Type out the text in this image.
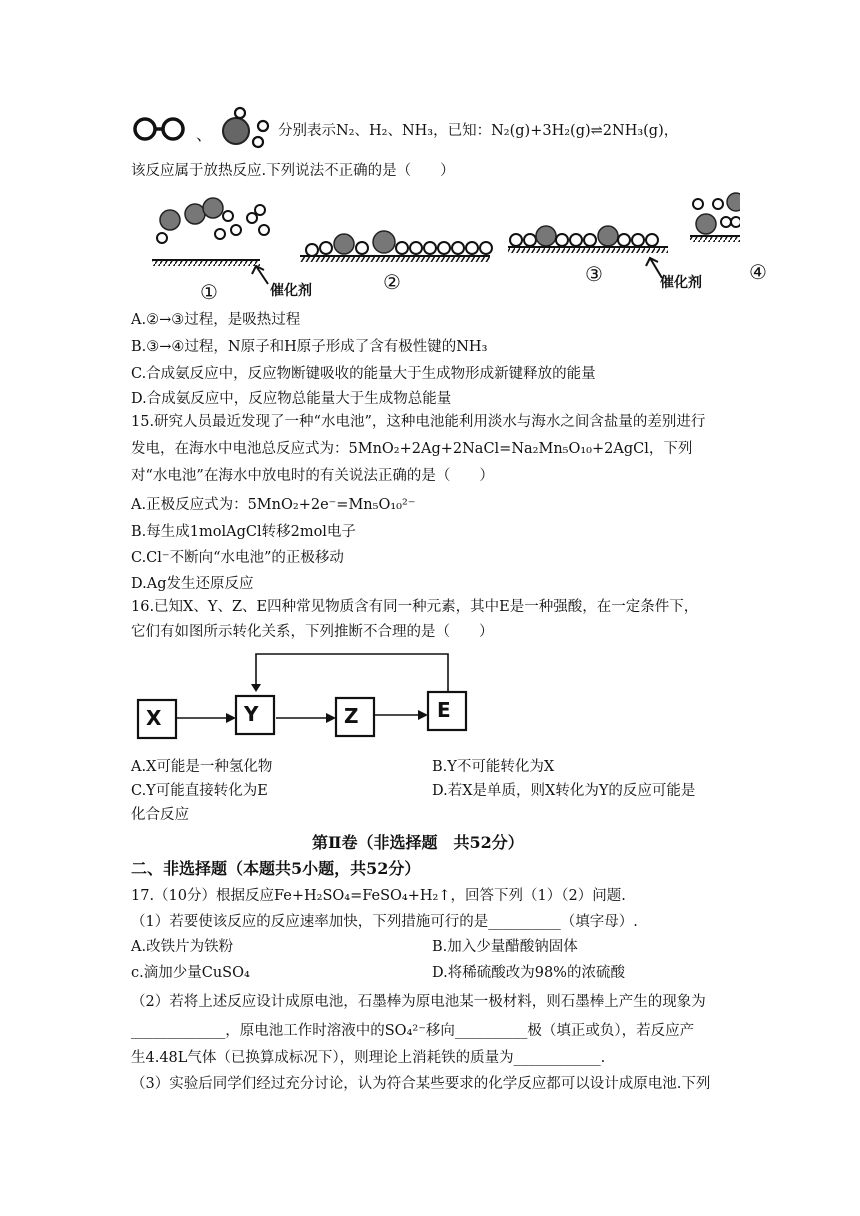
、	分别表示N₂、H₂、NH₃，已知：N₂(g)+3H₂(g)⇌2NH₃(g)，
该反应属于放热反应.下列说法不正确的是（　　）
①	催化剂	②	③	催化剂 ④
A.②→③过程，是吸热过程
B.③→④过程，N原子和H原子形成了含有极性键的NH₃
C.合成氨反应中，反应物断键吸收的能量大于生成物形成新键释放的能量
D.合成氨反应中，反应物总能量大于生成物总能量
15.研究人员最近发现了一种“水电池”，这种电池能利用淡水与海水之间含盐量的差别进行
发电，在海水中电池总反应式为：5MnO₂+2Ag+2NaCl=Na₂Mn₅O₁₀+2AgCl，下列
对“水电池”在海水中放电时的有关说法正确的是（　　）
A.正极反应式为：5MnO₂+2e⁻=Mn₅O₁₀²⁻
B.每生成1molAgCl转移2mol电子
C.Cl⁻不断向“水电池”的正极移动
D.Ag发生还原反应
16.已知X、Y、Z、E四种常见物质含有同一种元素，其中E是一种强酸，在一定条件下，
它们有如图所示转化关系，下列推断不合理的是（　　）
X	Y	Z	E
A.X可能是一种氢化物	B.Y不可能转化为X
C.Y可能直接转化为E	D.若X是单质，则X转化为Y的反应可能是
化合反应
第Ⅱ卷（非选择题　共52分）
二、非选择题（本题共5小题，共52分）
17.（10分）根据反应Fe+H₂SO₄=FeSO₄+H₂↑，回答下列（1）（2）问题.
（1）若要使该反应的反应速率加快，下列措施可行的是__________（填字母）.
A.改铁片为铁粉	B.加入少量醋酸钠固体
c.滴加少量CuSO₄	D.将稀硫酸改为98%的浓硫酸
（2）若将上述反应设计成原电池，石墨棒为原电池某一极材料，则石墨棒上产生的现象为
_____________，原电池工作时溶液中的SO₄²⁻移向__________极（填正或负），若反应产
生4.48L气体（已换算成标况下），则理论上消耗铁的质量为____________.
（3）实验后同学们经过充分讨论，认为符合某些要求的化学反应都可以设计成原电池.下列
